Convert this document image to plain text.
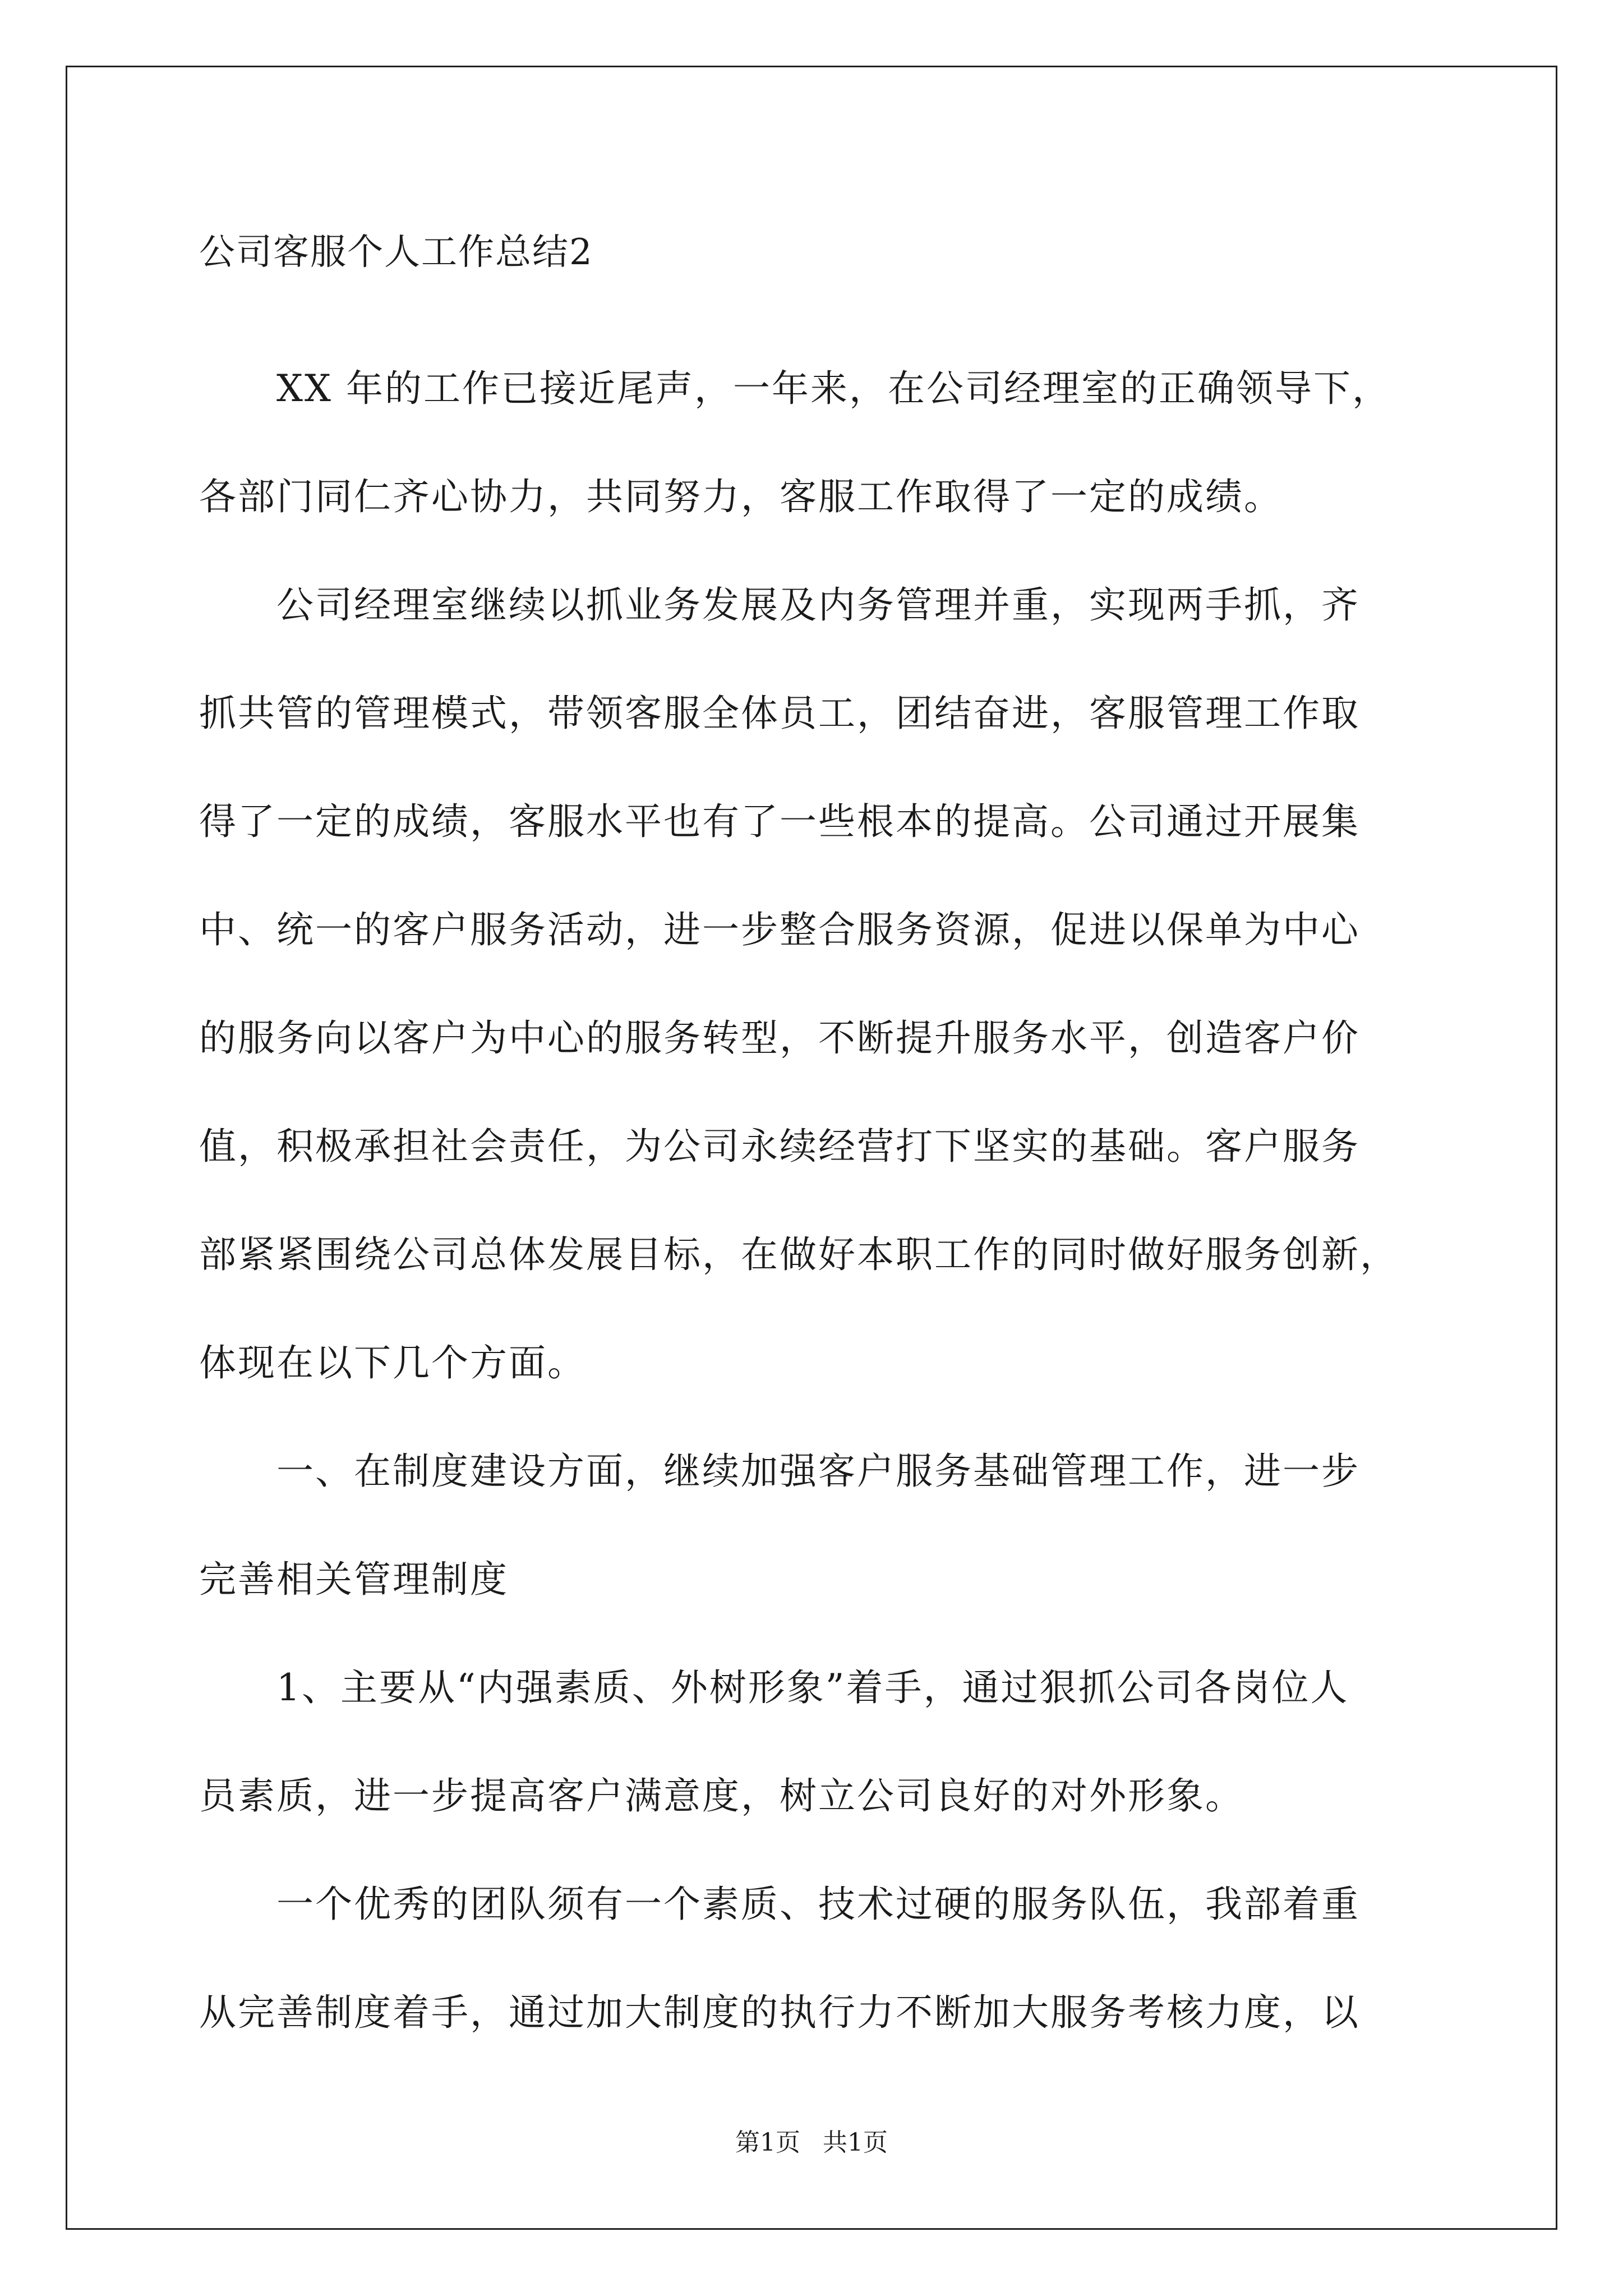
公司客服个人工作总结2
XX 年的工作已接近尾声，一年来，在公司经理室的正确领导下，
各部门同仁齐心协力，共同努力，客服工作取得了一定的成绩。
公司经理室继续以抓业务发展及内务管理并重，实现两手抓，齐
抓共管的管理模式，带领客服全体员工，团结奋进，客服管理工作取
得了一定的成绩，客服水平也有了一些根本的提高。公司通过开展集
中、统一的客户服务活动，进一步整合服务资源，促进以保单为中心
的服务向以客户为中心的服务转型，不断提升服务水平，创造客户价
值，积极承担社会责任，为公司永续经营打下坚实的基础。客户服务
部紧紧围绕公司总体发展目标，在做好本职工作的同时做好服务创新，
体现在以下几个方面。
一、在制度建设方面，继续加强客户服务基础管理工作，进一步
完善相关管理制度
1、主要从“内强素质、外树形象”着手，通过狠抓公司各岗位人
员素质，进一步提高客户满意度，树立公司良好的对外形象。
一个优秀的团队须有一个素质、技术过硬的服务队伍，我部着重
从完善制度着手，通过加大制度的执行力不断加大服务考核力度，以
第1页 共1页
